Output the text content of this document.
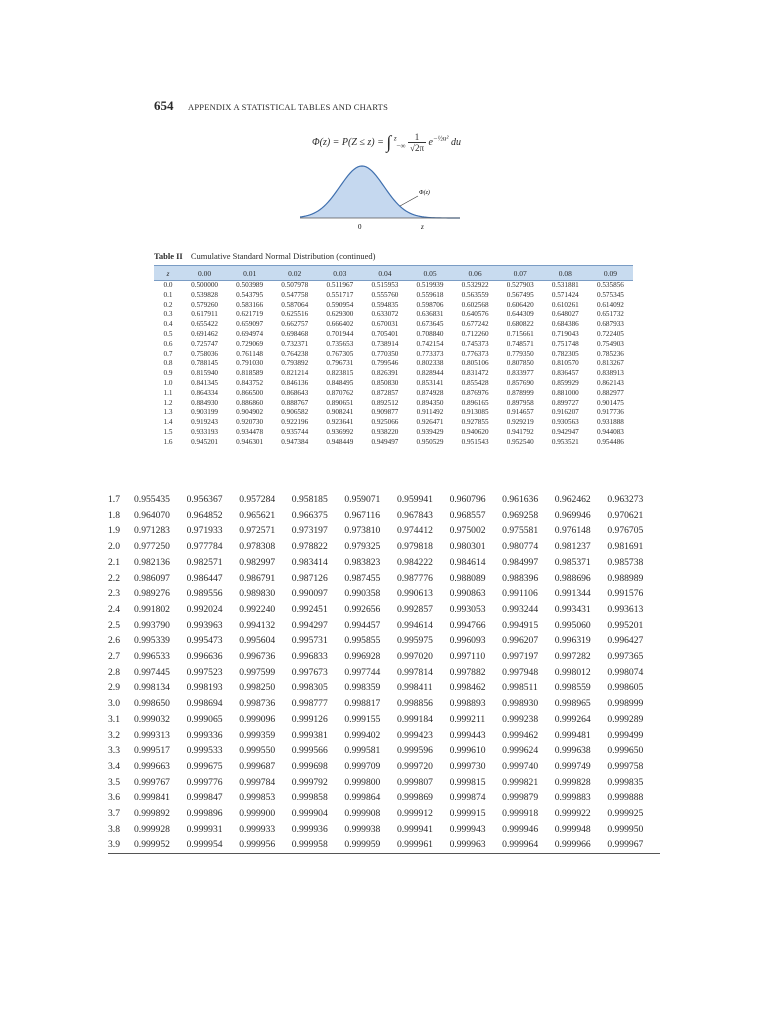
654 APPENDIX A STATISTICAL TABLES AND CHARTS
Φ(z) = P(Z ≤ z) = ∫ $^z_{-\infty} \frac{1}{√2\pi} e^{-\frac{1}{2}u^2}$ du
Φ(z)
0	z
Table II Cumulative Standard Normal Distribution (continued)
z	0.00	0.01	0.02	0.03	0.04	0.05	0.06	0.07	0.08	0.09
0.0	0.500000	0.503989	0.507978	0.511967	0.515953	0.519939	0.532922	0.527903	0.531881	0.535856
0.1	0.539828	0.543795	0.547758	0.551717	0.555760	0.559618	0.563559	0.567495	0.571424	0.575345
0.2	0.579260	0.583166	0.587064	0.590954	0.594835	0.598706	0.602568	0.606420	0.610261	0.614092
0.3	0.617911	0.621719	0.625516	0.629300	0.633072	0.636831	0.640576	0.644309	0.648027	0.651732
0.4	0.655422	0.659097	0.662757	0.666402	0.670031	0.673645	0.677242	0.680822	0.684386	0.687933
0.5	0.691462	0.694974	0.698468	0.701944	0.705401	0.708840	0.712260	0.715661	0.719043	0.722405
0.6	0.725747	0.729069	0.732371	0.735653	0.738914	0.742154	0.745373	0.748571	0.751748	0.754903
0.7	0.758036	0.761148	0.764238	0.767305	0.770350	0.773373	0.776373	0.779350	0.782305	0.785236
0.8	0.788145	0.791030	0.793892	0.796731	0.799546	0.802338	0.805106	0.807850	0.810570	0.813267
0.9	0.815940	0.818589	0.821214	0.823815	0.826391	0.828944	0.831472	0.833977	0.836457	0.838913
1.0	0.841345	0.843752	0.846136	0.848495	0.850830	0.853141	0.855428	0.857690	0.859929	0.862143
1.1	0.864334	0.866500	0.868643	0.870762	0.872857	0.874928	0.876976	0.878999	0.881000	0.882977
1.2	0.884930	0.886860	0.888767	0.890651	0.892512	0.894350	0.896165	0.897958	0.899727	0.901475
1.3	0.903199	0.904902	0.906582	0.908241	0.909877	0.911492	0.913085	0.914657	0.916207	0.917736
1.4	0.919243	0.920730	0.922196	0.923641	0.925066	0.926471	0.927855	0.929219	0.930563	0.931888
1.5	0.933193	0.934478	0.935744	0.936992	0.938220	0.939429	0.940620	0.941792	0.942947	0.944083
1.6	0.945201	0.946301	0.947384	0.948449	0.949497	0.950529	0.951543	0.952540	0.953521	0.954486
1.7	0.955435	0.956367	0.957284	0.958185	0.959071	0.959941	0.960796	0.961636	0.962462	0.963273
1.8	0.964070	0.964852	0.965621	0.966375	0.967116	0.967843	0.968557	0.969258	0.969946	0.970621
1.9	0.971283	0.971933	0.972571	0.973197	0.973810	0.974412	0.975002	0.975581	0.976148	0.976705
2.0	0.977250	0.977784	0.978308	0.978822	0.979325	0.979818	0.980301	0.980774	0.981237	0.981691
2.1	0.982136	0.982571	0.982997	0.983414	0.983823	0.984222	0.984614	0.984997	0.985371	0.985738
2.2	0.986097	0.986447	0.986791	0.987126	0.987455	0.987776	0.988089	0.988396	0.988696	0.988989
2.3	0.989276	0.989556	0.989830	0.990097	0.990358	0.990613	0.990863	0.991106	0.991344	0.991576
2.4	0.991802	0.992024	0.992240	0.992451	0.992656	0.992857	0.993053	0.993244	0.993431	0.993613
2.5	0.993790	0.993963	0.994132	0.994297	0.994457	0.994614	0.994766	0.994915	0.995060	0.995201
2.6	0.995339	0.995473	0.995604	0.995731	0.995855	0.995975	0.996093	0.996207	0.996319	0.996427
2.7	0.996533	0.996636	0.996736	0.996833	0.996928	0.997020	0.997110	0.997197	0.997282	0.997365
2.8	0.997445	0.997523	0.997599	0.997673	0.997744	0.997814	0.997882	0.997948	0.998012	0.998074
2.9	0.998134	0.998193	0.998250	0.998305	0.998359	0.998411	0.998462	0.998511	0.998559	0.998605
3.0	0.998650	0.998694	0.998736	0.998777	0.998817	0.998856	0.998893	0.998930	0.998965	0.998999
3.1	0.999032	0.999065	0.999096	0.999126	0.999155	0.999184	0.999211	0.999238	0.999264	0.999289
3.2	0.999313	0.999336	0.999359	0.999381	0.999402	0.999423	0.999443	0.999462	0.999481	0.999499
3.3	0.999517	0.999533	0.999550	0.999566	0.999581	0.999596	0.999610	0.999624	0.999638	0.999650
3.4	0.999663	0.999675	0.999687	0.999698	0.999709	0.999720	0.999730	0.999740	0.999749	0.999758
3.5	0.999767	0.999776	0.999784	0.999792	0.999800	0.999807	0.999815	0.999821	0.999828	0.999835
3.6	0.999841	0.999847	0.999853	0.999858	0.999864	0.999869	0.999874	0.999879	0.999883	0.999888
3.7	0.999892	0.999896	0.999900	0.999904	0.999908	0.999912	0.999915	0.999918	0.999922	0.999925
3.8	0.999928	0.999931	0.999933	0.999936	0.999938	0.999941	0.999943	0.999946	0.999948	0.999950
3.9	0.999952	0.999954	0.999956	0.999958	0.999959	0.999961	0.999963	0.999964	0.999966	0.999967
